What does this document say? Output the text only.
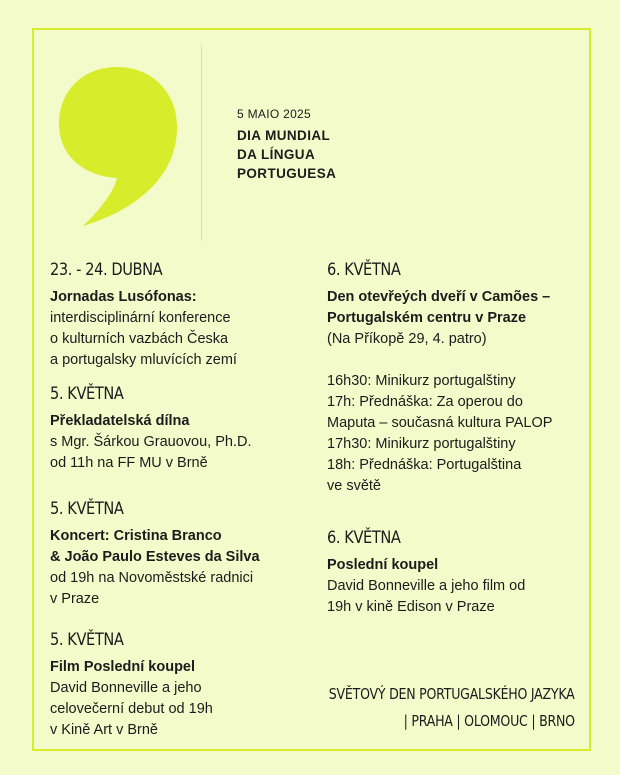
5 MAIO 2025
DIA MUNDIAL
DA LÍNGUA
PORTUGUESA
23. - 24. DUBNA
Jornadas Lusófonas:
interdisciplinární konference
o kulturních vazbách Česka
a portugalsky mluvících zemí
5. KVĚTNA
Překladatelská dílna
s Mgr. Šárkou Grauovou, Ph.D.
od 11h na FF MU v Brně
5. KVĚTNA
Koncert: Cristina Branco
& João Paulo Esteves da Silva
od 19h na Novoměstské radnici
v Praze
5. KVĚTNA
Film Poslední koupel
David Bonneville a jeho
celovečerní debut od 19h
v Kině Art v Brně
6. KVĚTNA
Den otevřeých dveří v Camões –
Portugalském centru v Praze
(Na Příkopě 29, 4. patro)
16h30: Minikurz portugalštiny
17h: Přednáška: Za operou do
Maputa – současná kultura PALOP
17h30: Minikurz portugalštiny
18h: Přednáška: Portugalština
ve světě
6. KVĚTNA
Poslední koupel
David Bonneville a jeho film od
19h v kině Edison v Praze
SVĚTOVÝ DEN PORTUGALSKÉHO JAZYKA
| PRAHA | OLOMOUC | BRNO
